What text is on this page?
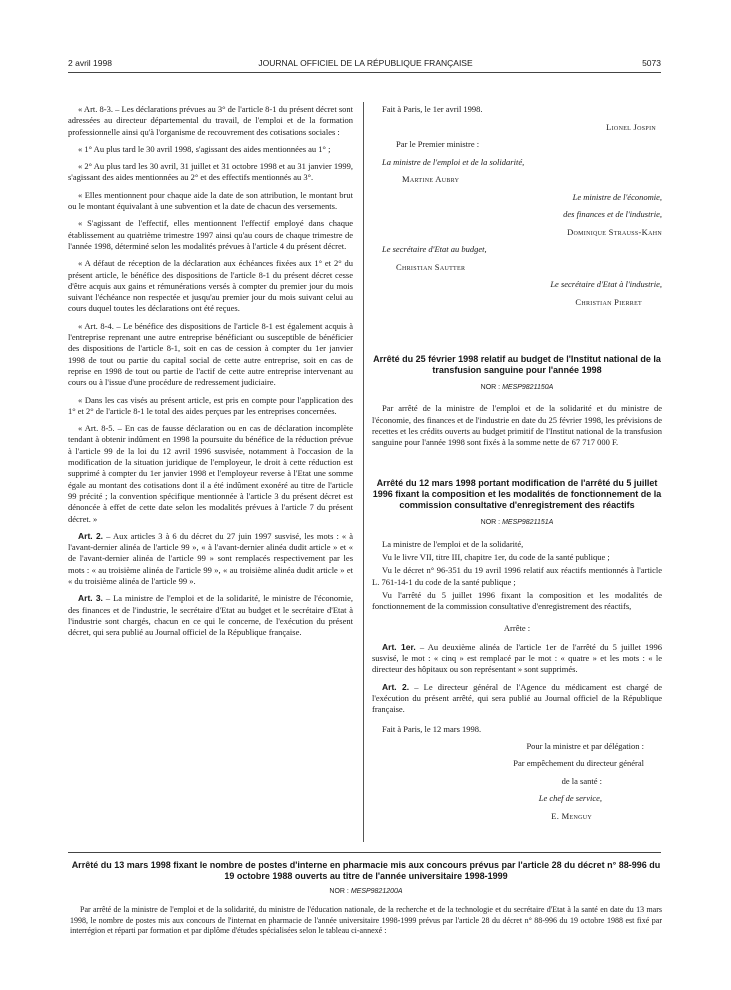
2 avril 1998	JOURNAL OFFICIEL DE LA RÉPUBLIQUE FRANÇAISE	5073

« Art. 8-3. – Les déclarations prévues au 3° de l'article 8-1 du présent décret sont adressées au directeur départemental du travail, de l'emploi et de la formation professionnelle ainsi qu'à l'organisme de recouvrement des cotisations sociales :

« 1° Au plus tard le 30 avril 1998, s'agissant des aides mentionnées au 1° ;

« 2° Au plus tard les 30 avril, 31 juillet et 31 octobre 1998 et au 31 janvier 1999, s'agissant des aides mentionnées au 2° et des effectifs mentionnés au 3°.

« Elles mentionnent pour chaque aide la date de son attribution, le montant brut ou le montant équivalant à une subvention et la date de chacun des versements.

« S'agissant de l'effectif, elles mentionnent l'effectif employé dans chaque établissement au quatrième trimestre 1997 ainsi qu'au cours de chaque trimestre de l'année 1998, déterminé selon les modalités prévues à l'article 4 du présent décret.

« A défaut de réception de la déclaration aux échéances fixées aux 1° et 2° du présent article, le bénéfice des dispositions de l'article 8-1 du présent décret cesse d'être acquis aux gains et rémunérations versés à compter du premier jour du mois suivant l'échéance non respectée et jusqu'au premier jour du mois suivant celui au cours duquel toutes les déclarations ont été reçues.

« Art. 8-4. – Le bénéfice des dispositions de l'article 8-1 est également acquis à l'entreprise reprenant une autre entreprise bénéficiant ou susceptible de bénéficier des dispositions de l'article 8-1, soit en cas de cession à compter du 1er janvier 1998 de tout ou partie du capital social de cette autre entreprise, soit en cas de reprise en 1998 de tout ou partie de l'actif de cette autre entreprise intervenant au cours ou à l'issue d'une procédure de redressement judiciaire.

« Dans les cas visés au présent article, est pris en compte pour l'application des 1° et 2° de l'article 8-1 le total des aides perçues par les entreprises concernées.

« Art. 8-5. – En cas de fausse déclaration ou en cas de déclaration incomplète tendant à obtenir indûment en 1998 la poursuite du bénéfice de la réduction prévue à l'article 99 de la loi du 12 avril 1996 susvisée, notamment à l'occasion de la modification de la situation juridique de l'employeur, le droit à cette réduction est supprimé à compter du 1er janvier 1998 et l'employeur reverse à l'Etat une somme égale au montant des cotisations dont il a été indûment exonéré au titre de l'article 99 précité ; la convention spécifique mentionnée à l'article 3 du présent décret est dénoncée à effet de cette date selon les modalités prévues à l'article 7 du présent décret. »

Art. 2. – Aux articles 3 à 6 du décret du 27 juin 1997 susvisé, les mots : « à l'avant-dernier alinéa de l'article 99 », « à l'avant-dernier alinéa dudit article » et « de l'avant-dernier alinéa de l'article 99 » sont remplacés respectivement par les mots : « au troisième alinéa de l'article 99 », « au troisième alinéa dudit article » et « du troisième alinéa de l'article 99 ».

Art. 3. – La ministre de l'emploi et de la solidarité, le ministre de l'économie, des finances et de l'industrie, le secrétaire d'Etat au budget et le secrétaire d'Etat à l'industrie sont chargés, chacun en ce qui le concerne, de l'exécution du présent décret, qui sera publié au Journal officiel de la République française.

Fait à Paris, le 1er avril 1998.

Lionel Jospin

Par le Premier ministre :

La ministre de l'emploi et de la solidarité,

Martine Aubry

Le ministre de l'économie,

des finances et de l'industrie,

Dominique Strauss-Kahn

Le secrétaire d'Etat au budget,

Christian Sautter

Le secrétaire d'Etat à l'industrie,

Christian Pierret

Arrêté du 25 février 1998 relatif au budget de l'Institut national de la transfusion sanguine pour l'année 1998
NOR : MESP9821150A

Par arrêté de la ministre de l'emploi et de la solidarité et du ministre de l'économie, des finances et de l'industrie en date du 25 février 1998, les prévisions de recettes et les crédits ouverts au budget primitif de l'Institut national de la transfusion sanguine pour l'année 1998 sont fixés à la somme nette de 67 717 000 F.

Arrêté du 12 mars 1998 portant modification de l'arrêté du 5 juillet 1996 fixant la composition et les modalités de fonctionnement de la commission consultative d'enregistrement des réactifs
NOR : MESP9821151A

La ministre de l'emploi et de la solidarité,

Vu le livre VII, titre III, chapitre 1er, du code de la santé publique ;

Vu le décret n° 96-351 du 19 avril 1996 relatif aux réactifs mentionnés à l'article L. 761-14-1 du code de la santé publique ;

Vu l'arrêté du 5 juillet 1996 fixant la composition et les modalités de fonctionnement de la commission consultative d'enregistrement des réactifs,

Arrête :

Art. 1er. – Au deuxième alinéa de l'article 1er de l'arrêté du 5 juillet 1996 susvisé, le mot : « cinq » est remplacé par le mot : « quatre » et les mots : « le directeur des hôpitaux ou son représentant » sont supprimés.

Art. 2. – Le directeur général de l'Agence du médicament est chargé de l'exécution du présent arrêté, qui sera publié au Journal officiel de la République française.

Fait à Paris, le 12 mars 1998.

Pour la ministre et par délégation :

Par empêchement du directeur général

de la santé :

Le chef de service,

E. Menguy

Arrêté du 13 mars 1998 fixant le nombre de postes d'interne en pharmacie mis aux concours prévus par l'article 28 du décret n° 88-996 du 19 octobre 1988 ouverts au titre de l'année universitaire 1998-1999
NOR : MESP9821200A

Par arrêté de la ministre de l'emploi et de la solidarité, du ministre de l'éducation nationale, de la recherche et de la technologie et du secrétaire d'Etat à la santé en date du 13 mars 1998, le nombre de postes mis aux concours de l'internat en pharmacie de l'année universitaire 1998-1999 prévus par l'article 28 du décret n° 88-996 du 19 octobre 1988 est fixé par interrégion et réparti par formation et par diplôme d'études spécialisées selon le tableau ci-annexé :
